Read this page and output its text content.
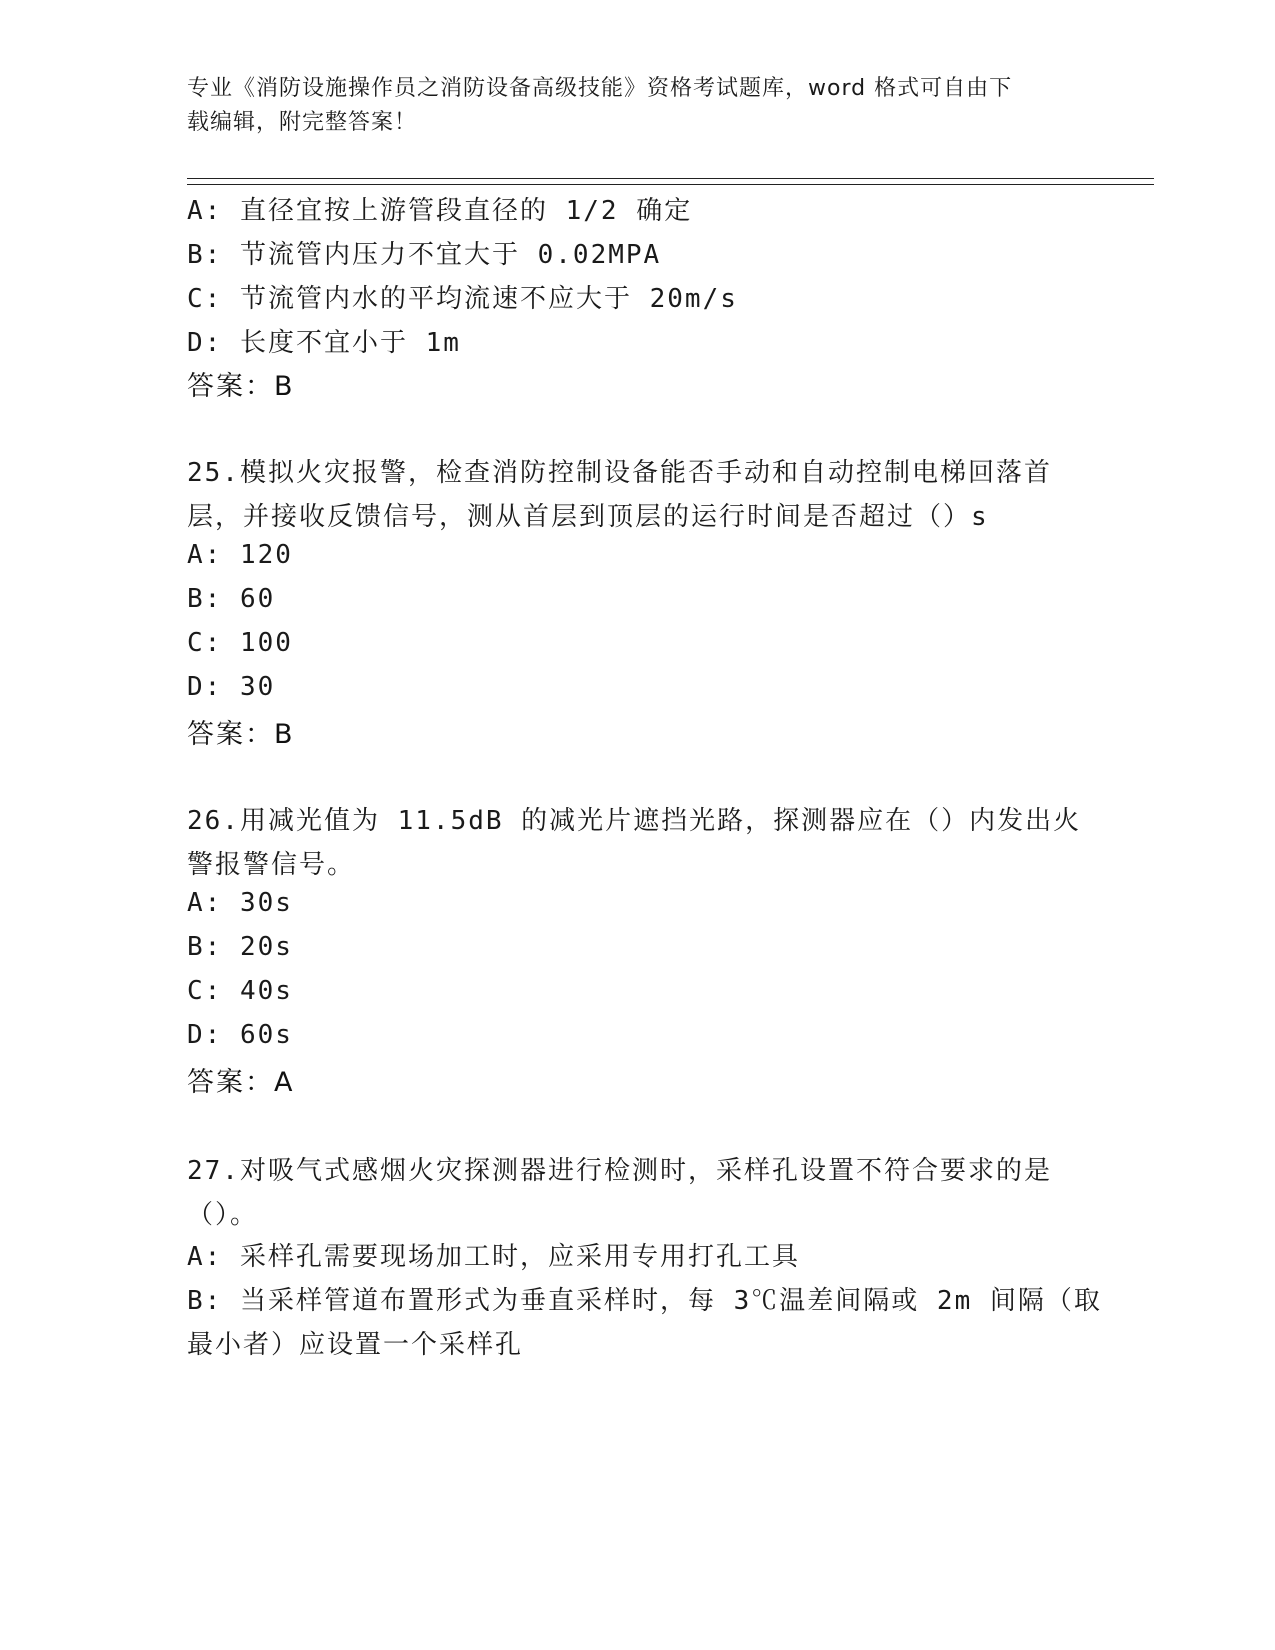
专业《消防设施操作员之消防设备高级技能》资格考试题库，word 格式可自由下
载编辑，附完整答案！
A: 直径宜按上游管段直径的 1/2 确定
B: 节流管内压力不宜大于 0.02MPA
C: 节流管内水的平均流速不应大于 20m/s
D: 长度不宜小于 1m
答案：B
25.模拟火灾报警，检查消防控制设备能否手动和自动控制电梯回落首
层，并接收反馈信号，测从首层到顶层的运行时间是否超过（）s
A: 120
B: 60
C: 100
D: 30
答案：B
26.用减光值为 11.5dB 的减光片遮挡光路，探测器应在（）内发出火
警报警信号。
A: 30s
B: 20s
C: 40s
D: 60s
答案：A
27.对吸气式感烟火灾探测器进行检测时，采样孔设置不符合要求的是
（）。
A: 采样孔需要现场加工时，应采用专用打孔工具
B: 当采样管道布置形式为垂直采样时，每 3℃温差间隔或 2m 间隔（取
最小者）应设置一个采样孔
